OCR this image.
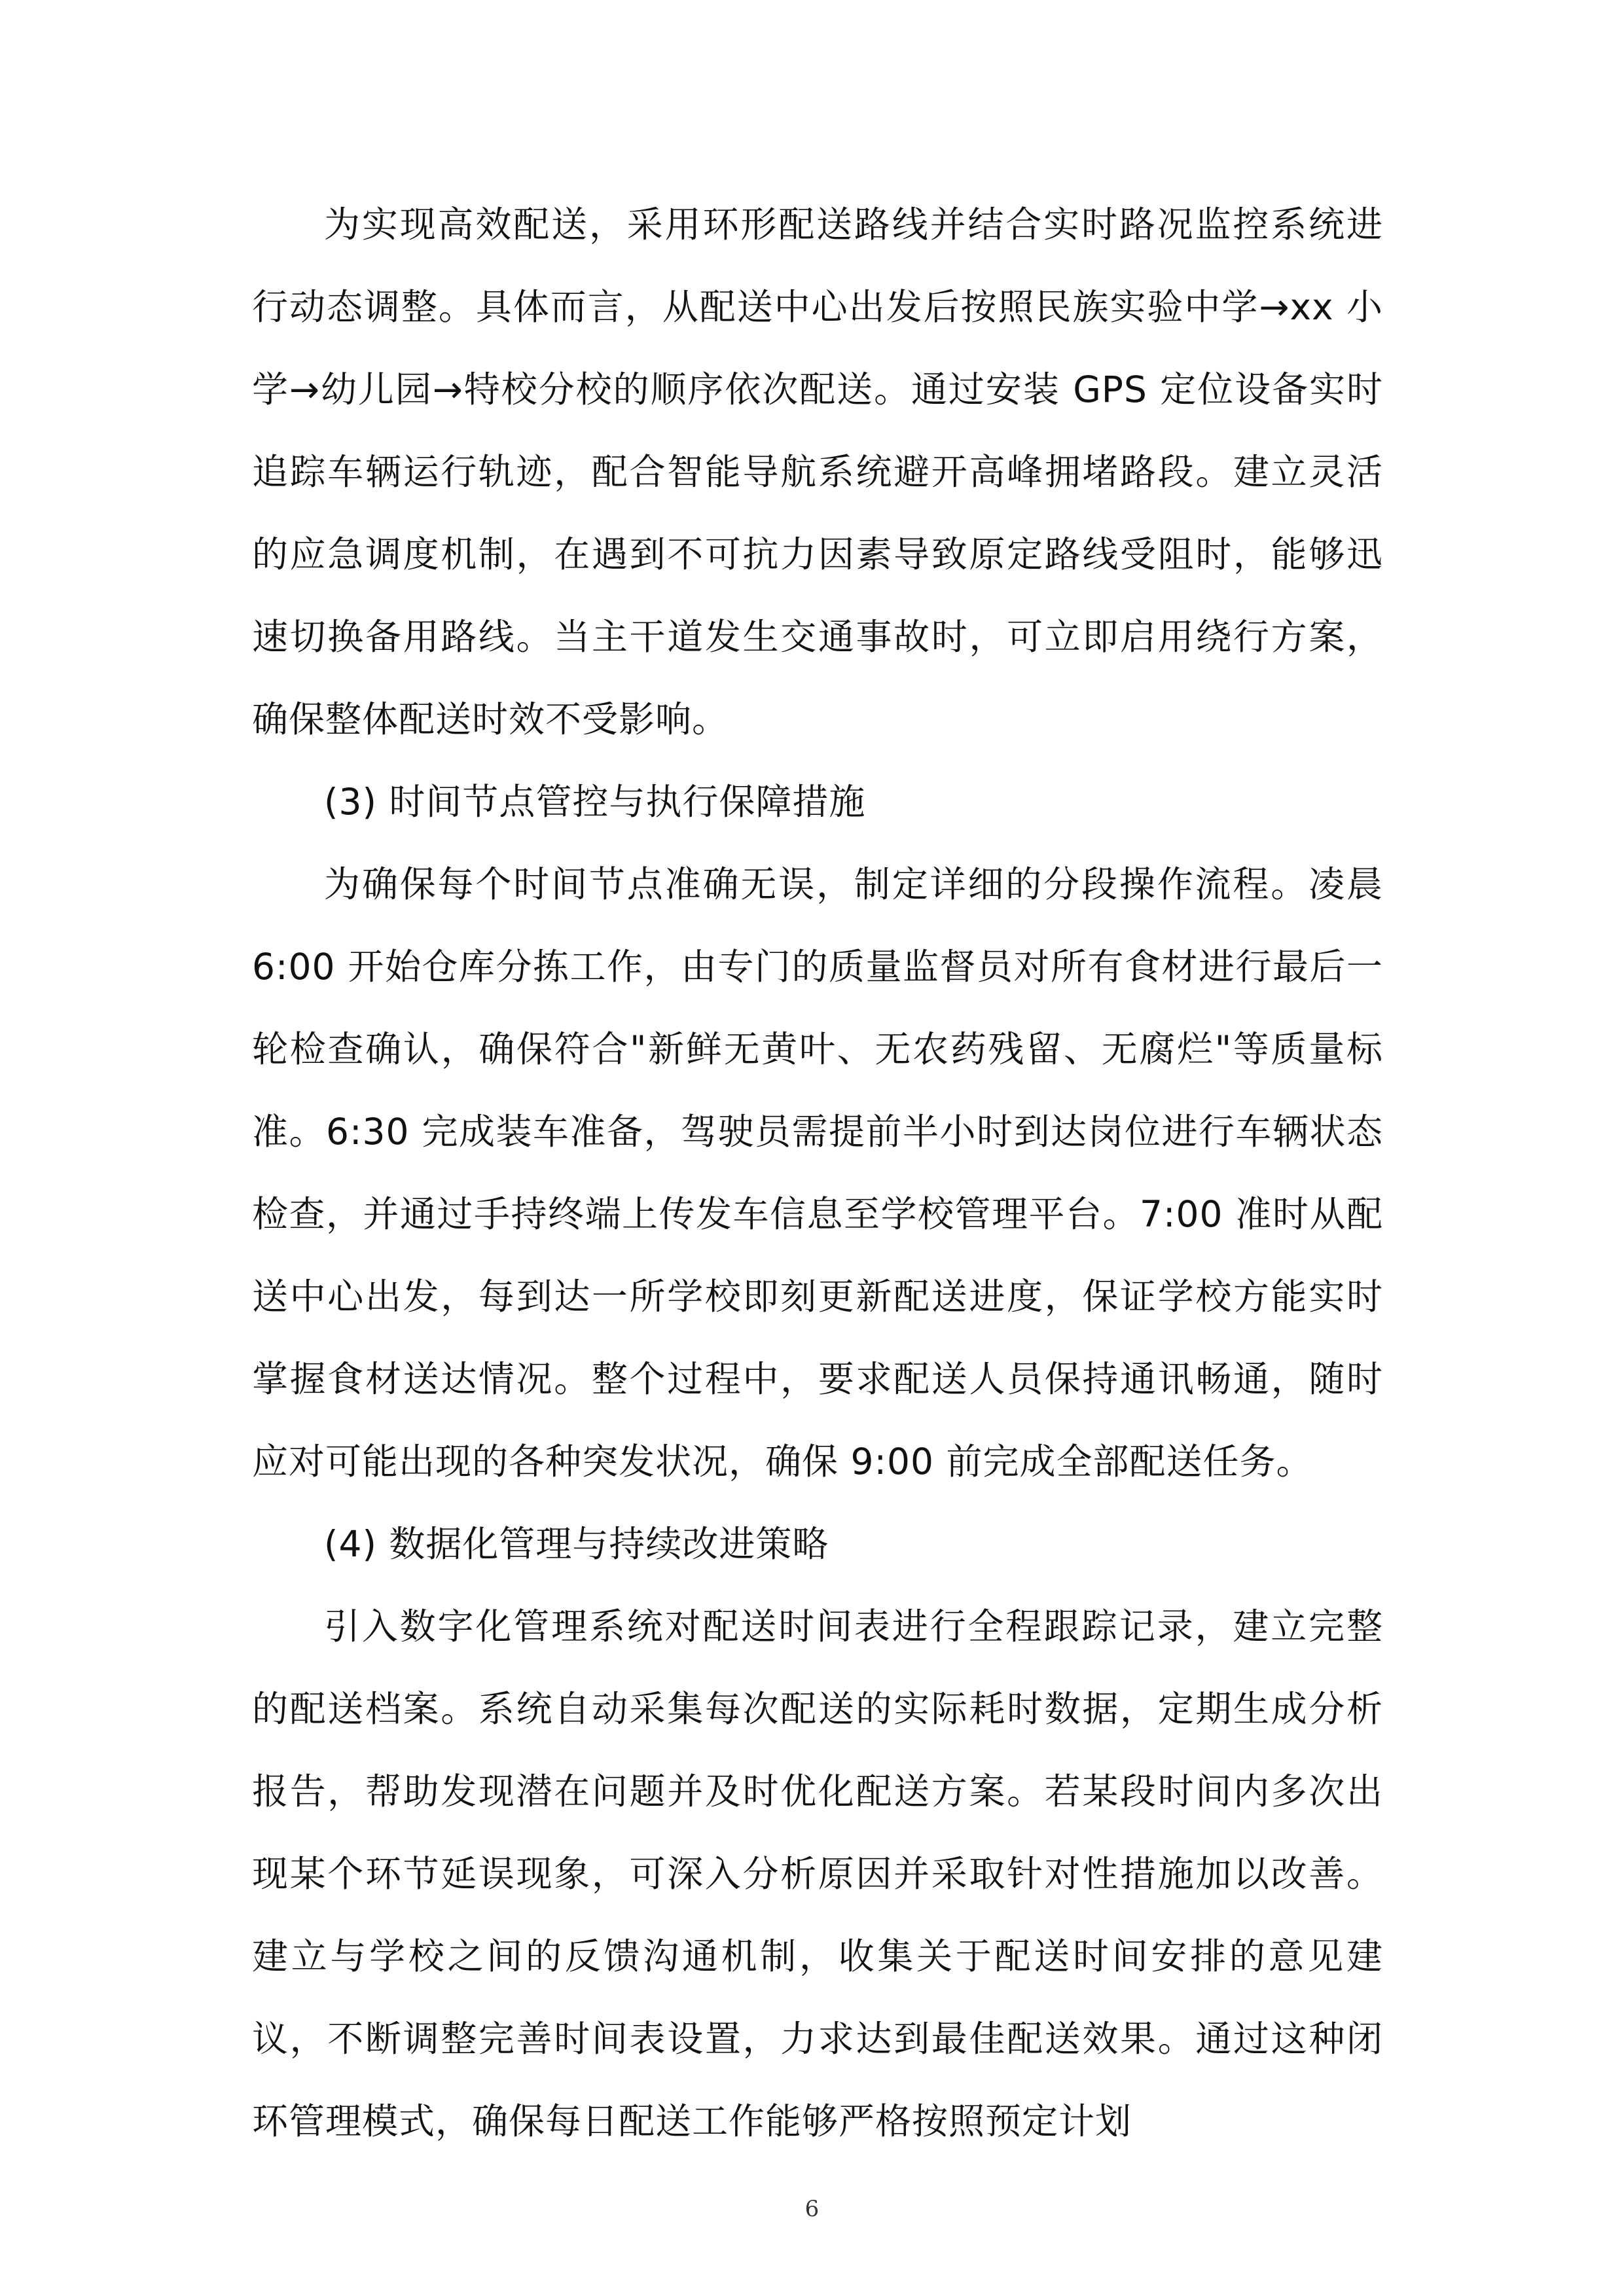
为实现高效配送，采用环形配送路线并结合实时路况监控系统进行动态调整。具体而言，从配送中心出发后按照民族实验中学→xx 小学→幼儿园→特校分校的顺序依次配送。通过安装 GPS 定位设备实时追踪车辆运行轨迹，配合智能导航系统避开高峰拥堵路段。建立灵活的应急调度机制，在遇到不可抗力因素导致原定路线受阻时，能够迅速切换备用路线。当主干道发生交通事故时，可立即启用绕行方案，确保整体配送时效不受影响。

(3) 时间节点管控与执行保障措施

为确保每个时间节点准确无误，制定详细的分段操作流程。凌晨 6:00 开始仓库分拣工作，由专门的质量监督员对所有食材进行最后一轮检查确认，确保符合"新鲜无黄叶、无农药残留、无腐烂"等质量标准。6:30 完成装车准备，驾驶员需提前半小时到达岗位进行车辆状态检查，并通过手持终端上传发车信息至学校管理平台。7:00 准时从配送中心出发，每到达一所学校即刻更新配送进度，保证学校方能实时掌握食材送达情况。整个过程中，要求配送人员保持通讯畅通，随时应对可能出现的各种突发状况，确保 9:00 前完成全部配送任务。

(4) 数据化管理与持续改进策略

引入数字化管理系统对配送时间表进行全程跟踪记录，建立完整的配送档案。系统自动采集每次配送的实际耗时数据，定期生成分析报告，帮助发现潜在问题并及时优化配送方案。若某段时间内多次出现某个环节延误现象，可深入分析原因并采取针对性措施加以改善。建立与学校之间的反馈沟通机制，收集关于配送时间安排的意见建议，不断调整完善时间表设置，力求达到最佳配送效果。通过这种闭环管理模式，确保每日配送工作能够严格按照预定计划

6
